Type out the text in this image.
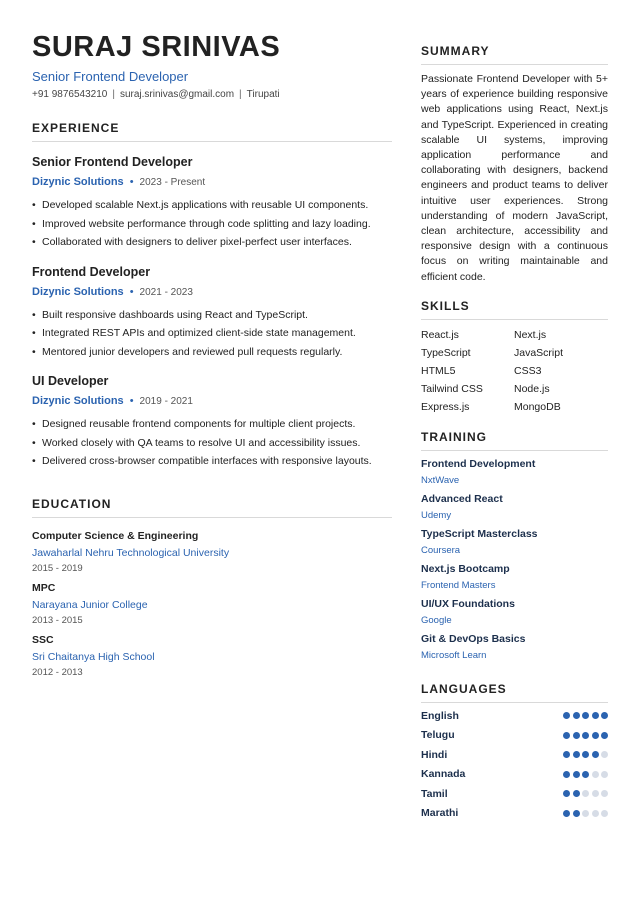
SURAJ SRINIVAS
Senior Frontend Developer
+91 9876543210 | suraj.srinivas@gmail.com | Tirupati
EXPERIENCE
Senior Frontend Developer
Dizynic Solutions • 2023 - Present
• Developed scalable Next.js applications with reusable UI components.
• Improved website performance through code splitting and lazy loading.
• Collaborated with designers to deliver pixel-perfect user interfaces.
Frontend Developer
Dizynic Solutions • 2021 - 2023
• Built responsive dashboards using React and TypeScript.
• Integrated REST APIs and optimized client-side state management.
• Mentored junior developers and reviewed pull requests regularly.
UI Developer
Dizynic Solutions • 2019 - 2021
• Designed reusable frontend components for multiple client projects.
• Worked closely with QA teams to resolve UI and accessibility issues.
• Delivered cross-browser compatible interfaces with responsive layouts.
EDUCATION
Computer Science & Engineering
Jawaharlal Nehru Technological University
2015 - 2019
MPC
Narayana Junior College
2013 - 2015
SSC
Sri Chaitanya High School
2012 - 2013
SUMMARY
Passionate Frontend Developer with 5+ years of experience building responsive web applications using React, Next.js and TypeScript. Experienced in creating scalable UI systems, improving application performance and collaborating with designers, backend engineers and product teams to deliver intuitive user experiences. Strong understanding of modern JavaScript, clean architecture, accessibility and responsive design with a continuous focus on writing maintainable and efficient code.
SKILLS
React.js	Next.js
TypeScript	JavaScript
HTML5	CSS3
Tailwind CSS	Node.js
Express.js	MongoDB
TRAINING
Frontend Development
NxtWave
Advanced React
Udemy
TypeScript Masterclass
Coursera
Next.js Bootcamp
Frontend Masters
UI/UX Foundations
Google
Git & DevOps Basics
Microsoft Learn
LANGUAGES
English
Telugu
Hindi
Kannada
Tamil
Marathi
